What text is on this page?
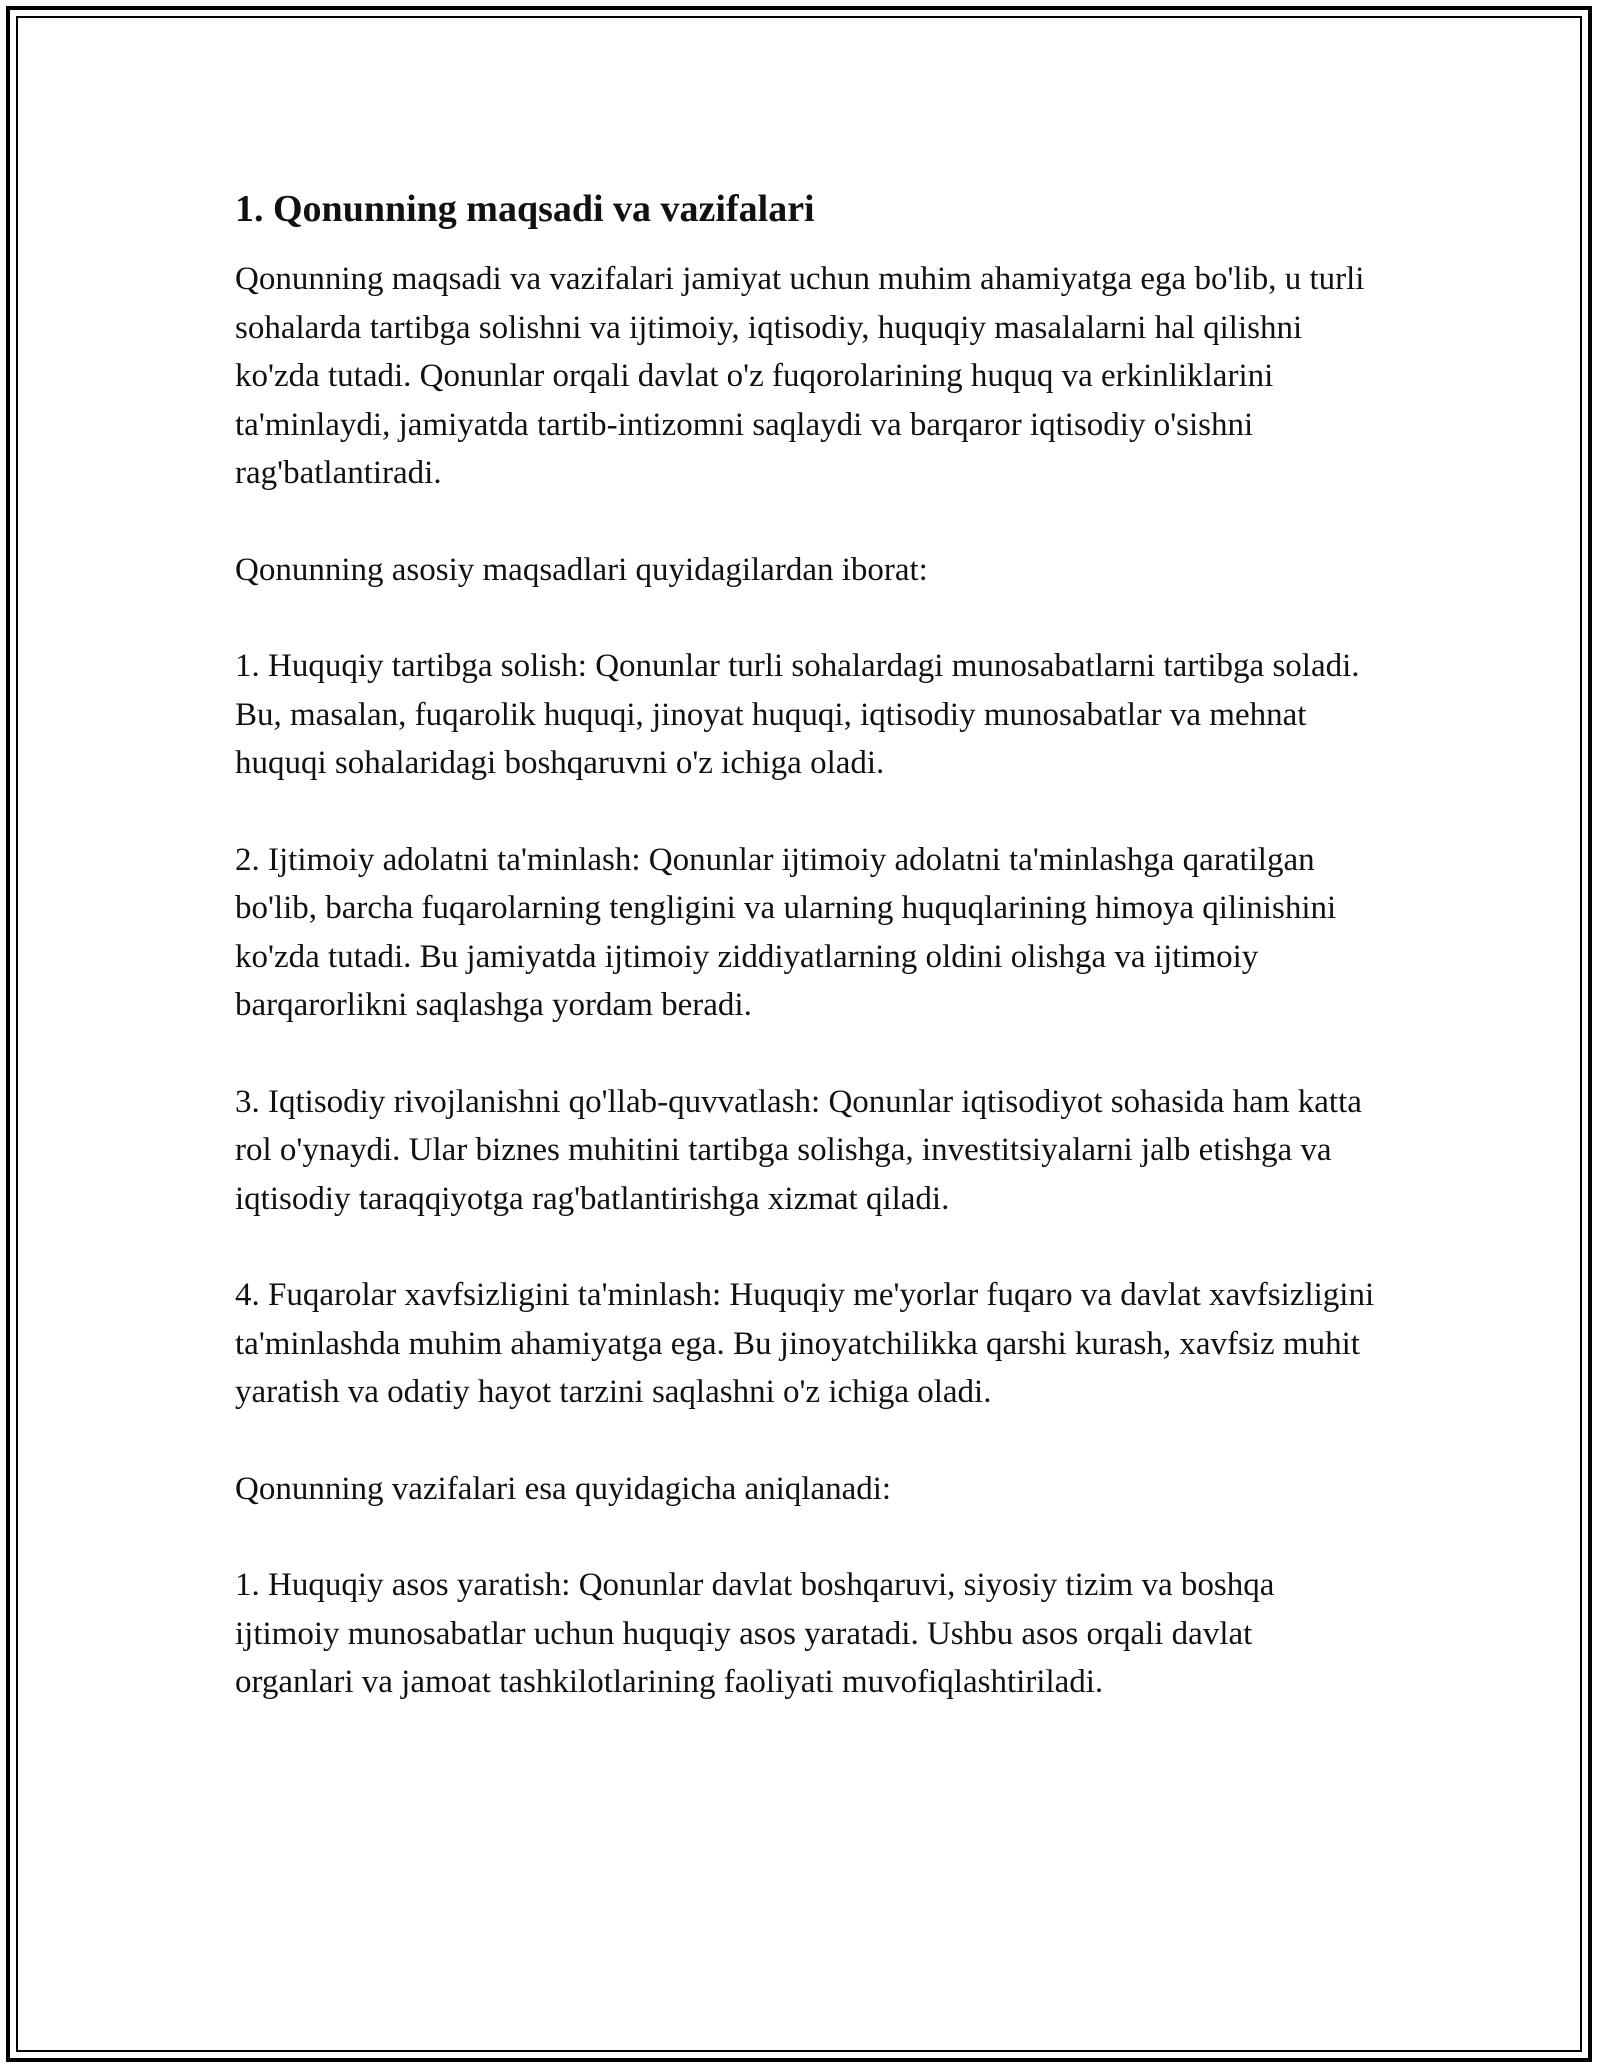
1. Qonunning maqsadi va vazifalari

Qonunning maqsadi va vazifalari jamiyat uchun muhim ahamiyatga ega bo'lib, u turli sohalarda tartibga solishni va ijtimoiy, iqtisodiy, huquqiy masalalarni hal qilishni ko'zda tutadi. Qonunlar orqali davlat o'z fuqorolarining huquq va erkinliklarini ta'minlaydi, jamiyatda tartib-intizomni saqlaydi va barqaror iqtisodiy o'sishni rag'batlantiradi.

Qonunning asosiy maqsadlari quyidagilardan iborat:

1. Huquqiy tartibga solish: Qonunlar turli sohalardagi munosabatlarni tartibga soladi. Bu, masalan, fuqarolik huquqi, jinoyat huquqi, iqtisodiy munosabatlar va mehnat huquqi sohalaridagi boshqaruvni o'z ichiga oladi.

2. Ijtimoiy adolatni ta'minlash: Qonunlar ijtimoiy adolatni ta'minlashga qaratilgan bo'lib, barcha fuqarolarning tengligini va ularning huquqlarining himoya qilinishini ko'zda tutadi. Bu jamiyatda ijtimoiy ziddiyatlarning oldini olishga va ijtimoiy barqarorlikni saqlashga yordam beradi.

3. Iqtisodiy rivojlanishni qo'llab-quvvatlash: Qonunlar iqtisodiyot sohasida ham katta rol o'ynaydi. Ular biznes muhitini tartibga solishga, investitsiyalarni jalb etishga va iqtisodiy taraqqiyotga rag'batlantirishga xizmat qiladi.

4. Fuqarolar xavfsizligini ta'minlash: Huquqiy me'yorlar fuqaro va davlat xavfsizligini ta'minlashda muhim ahamiyatga ega. Bu jinoyatchilikka qarshi kurash, xavfsiz muhit yaratish va odatiy hayot tarzini saqlashni o'z ichiga oladi.

Qonunning vazifalari esa quyidagicha aniqlanadi:

1. Huquqiy asos yaratish: Qonunlar davlat boshqaruvi, siyosiy tizim va boshqa ijtimoiy munosabatlar uchun huquqiy asos yaratadi. Ushbu asos orqali davlat organlari va jamoat tashkilotlarining faoliyati muvofiqlashtiriladi.
